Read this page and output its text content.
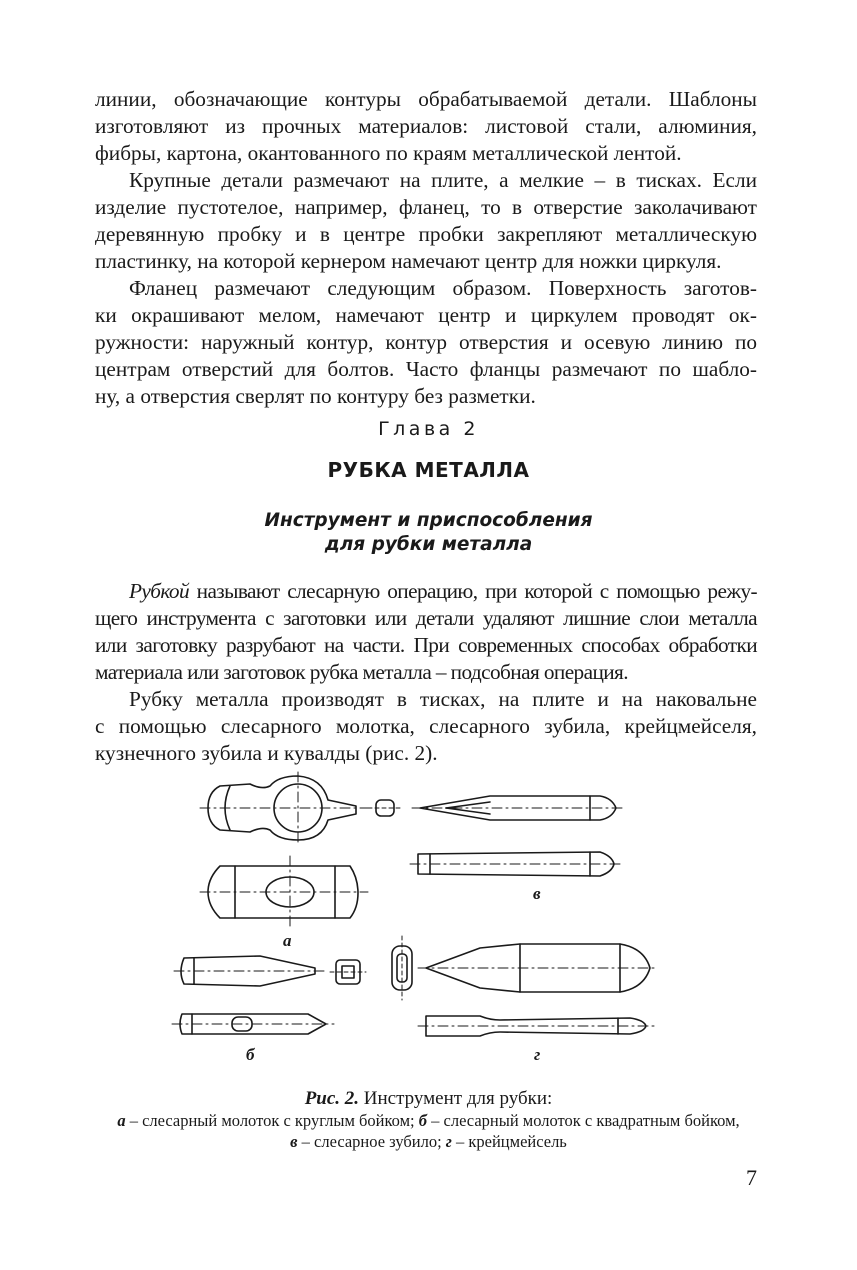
линии, обозначающие контуры обрабатываемой детали. Шаблоны
изготовляют из прочных материалов: листовой стали, алюминия,
фибры, картона, окантованного по краям металлической лентой.

Крупные детали размечают на плите, а мелкие – в тисках. Если
изделие пустотелое, например, фланец, то в отверстие заколачивают
деревянную пробку и в центре пробки закрепляют металлическую
пластинку, на которой кернером намечают центр для ножки циркуля.

Фланец размечают следующим образом. Поверхность заготов-
ки окрашивают мелом, намечают центр и циркулем проводят ок-
ружности: наружный контур, контур отверстия и осевую линию по
центрам отверстий для болтов. Часто фланцы размечают по шабло-
ну, а отверстия сверлят по контуру без разметки.

Глава 2
РУБКА МЕТАЛЛА
Инструмент и приспособления
для рубки металла

Рубкой называют слесарную операцию, при которой с помощью режу-
щего инструмента с заготовки или детали удаляют лишние слои металла
или заготовку разрубают на части. При современных способах обработки
материала или заготовок рубка металла – подсобная операция.

Рубку металла производят в тисках, на плите и на наковальне
с помощью слесарного молотка, слесарного зубила, крейцмейселя,
кузнечного зубила и кувалды (рис. 2).

а
в
б	г
Рис. 2. Инструмент для рубки:
а – слесарный молоток с круглым бойком; б – слесарный молоток с квадратным бойком,
в – слесарное зубило; г – крейцмейсель
7
